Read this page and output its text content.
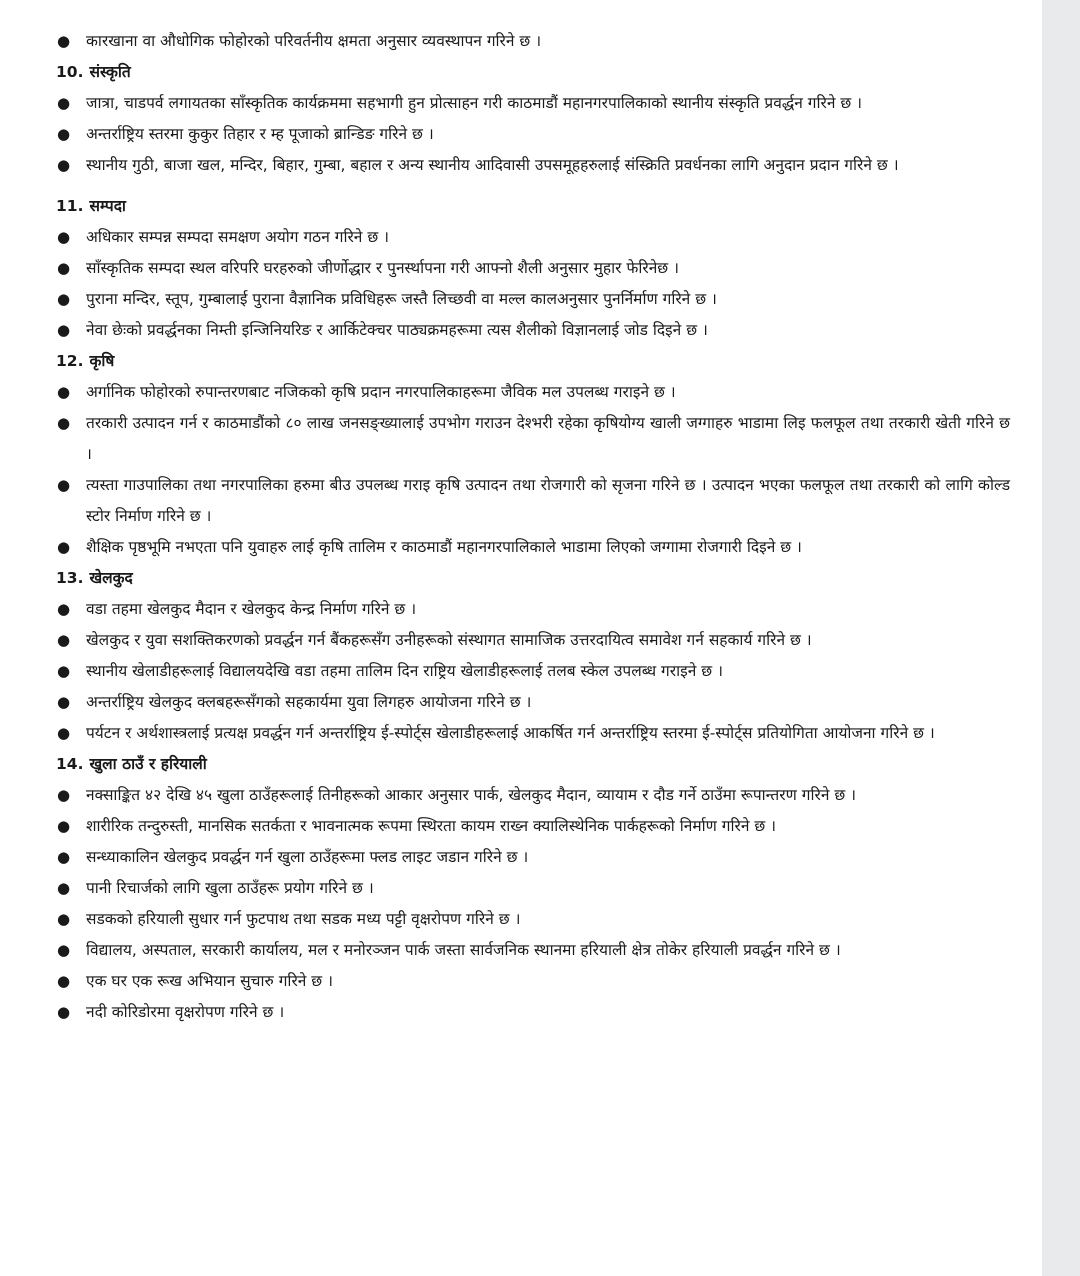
● कारखाना वा औधोगिक फोहोरको परिवर्तनीय क्षमता अनुसार व्यवस्थापन गरिने छ ।

10. संस्कृति

● जात्रा, चाडपर्व लगायतका साँस्कृतिक कार्यक्रममा सहभागी हुन प्रोत्साहन गरी काठमाडौं महानगरपालिकाको स्थानीय संस्कृति प्रवर्द्धन गरिने छ ।

● अन्तर्राष्ट्रिय स्तरमा कुकुर तिहार र म्ह पूजाको ब्रान्डिङ गरिने छ ।

● स्थानीय गुठी, बाजा खल, मन्दिर, बिहार, गुम्बा, बहाल र अन्य स्थानीय आदिवासी उपसमूहहरुलाई संस्क्रिति प्रवर्धनका लागि अनुदान प्रदान गरिने छ ।

11. सम्पदा

● अधिकार सम्पन्न सम्पदा समक्षण अयोग गठन गरिने छ ।

● साँस्कृतिक सम्पदा स्थल वरिपरि घरहरुको जीर्णोद्धार र पुनर्स्थापना गरी आफ्नो शैली अनुसार मुहार फेरिनेछ ।

● पुराना मन्दिर, स्तूप, गुम्बालाई पुराना वैज्ञानिक प्रविधिहरू जस्तै लिच्छवी वा मल्ल कालअनुसार पुनर्निर्माण गरिने छ ।

● नेवा छेःको प्रवर्द्धनका निम्ती इन्जिनियरिङ र आर्किटेक्चर पाठ्यक्रमहरूमा त्यस शैलीको विज्ञानलाई जोड दिइने छ ।

12. कृषि

● अर्गानिक फोहोरको रुपान्तरणबाट नजिकको कृषि प्रदान नगरपालिकाहरूमा जैविक मल उपलब्ध गराइने छ ।

● तरकारी उत्पादन गर्न र काठमाडौंको ८० लाख जनसङ्ख्यालाई उपभोग गराउन देश्भरी रहेका कृषियोग्य खाली जग्गाहरु भाडामा लिइ फलफूल तथा तरकारी खेती गरिने छ ।

● त्यस्ता गाउपालिका तथा नगरपालिका हरुमा बीउ उपलब्ध गराइ कृषि उत्पादन तथा रोजगारी को सृजना गरिने छ । उत्पादन भएका फलफूल तथा तरकारी को लागि कोल्ड स्टोर निर्माण गरिने छ ।

● शैक्षिक पृष्ठभूमि नभएता पनि युवाहरु लाई कृषि तालिम र काठमाडौं महानगरपालिकाले भाडामा लिएको जग्गामा रोजगारी दिइने छ ।

13. खेलकुद

● वडा तहमा खेलकुद मैदान र खेलकुद केन्द्र निर्माण गरिने छ ।

● खेलकुद र युवा सशक्तिकरणको प्रवर्द्धन गर्न बैंकहरूसँग उनीहरूको संस्थागत सामाजिक उत्तरदायित्व समावेश गर्न सहकार्य गरिने छ ।

● स्थानीय खेलाडीहरूलाई विद्यालयदेखि वडा तहमा तालिम दिन राष्ट्रिय खेलाडीहरूलाई तलब स्केल उपलब्ध गराइने छ ।

● अन्तर्राष्ट्रिय खेलकुद क्लबहरूसँगको सहकार्यमा युवा लिगहरु आयोजना गरिने छ ।

● पर्यटन र अर्थशास्त्रलाई प्रत्यक्ष प्रवर्द्धन गर्न अन्तर्राष्ट्रिय ई-स्पोर्ट्स खेलाडीहरूलाई आकर्षित गर्न अन्तर्राष्ट्रिय स्तरमा ई-स्पोर्ट्स प्रतियोगिता आयोजना गरिने छ ।

14. खुला ठाउँ र हरियाली

● नक्साङ्कित ४२ देखि ४५ खुला ठाउँहरूलाई तिनीहरूको आकार अनुसार पार्क, खेलकुद मैदान, व्यायाम र दौड गर्ने ठाउँमा रूपान्तरण गरिने छ ।

● शारीरिक तन्दुरुस्ती, मानसिक सतर्कता र भावनात्मक रूपमा स्थिरता कायम राख्न क्यालिस्थेनिक पार्कहरूको निर्माण गरिने छ ।

● सन्ध्याकालिन खेलकुद प्रवर्द्धन गर्न खुला ठाउँहरूमा फ्लड लाइट जडान गरिने छ ।

● पानी रिचार्जको लागि खुला ठाउँहरू प्रयोग गरिने छ ।

● सडकको हरियाली सुधार गर्न फुटपाथ तथा सडक मध्य पट्टी वृक्षरोपण गरिने छ ।

● विद्यालय, अस्पताल, सरकारी कार्यालय, मल र मनोरञ्जन पार्क जस्ता सार्वजनिक स्थानमा हरियाली क्षेत्र तोकेर हरियाली प्रवर्द्धन गरिने छ ।

● एक घर एक रूख अभियान सुचारु गरिने छ ।

● नदी कोरिडोरमा वृक्षरोपण गरिने छ ।
